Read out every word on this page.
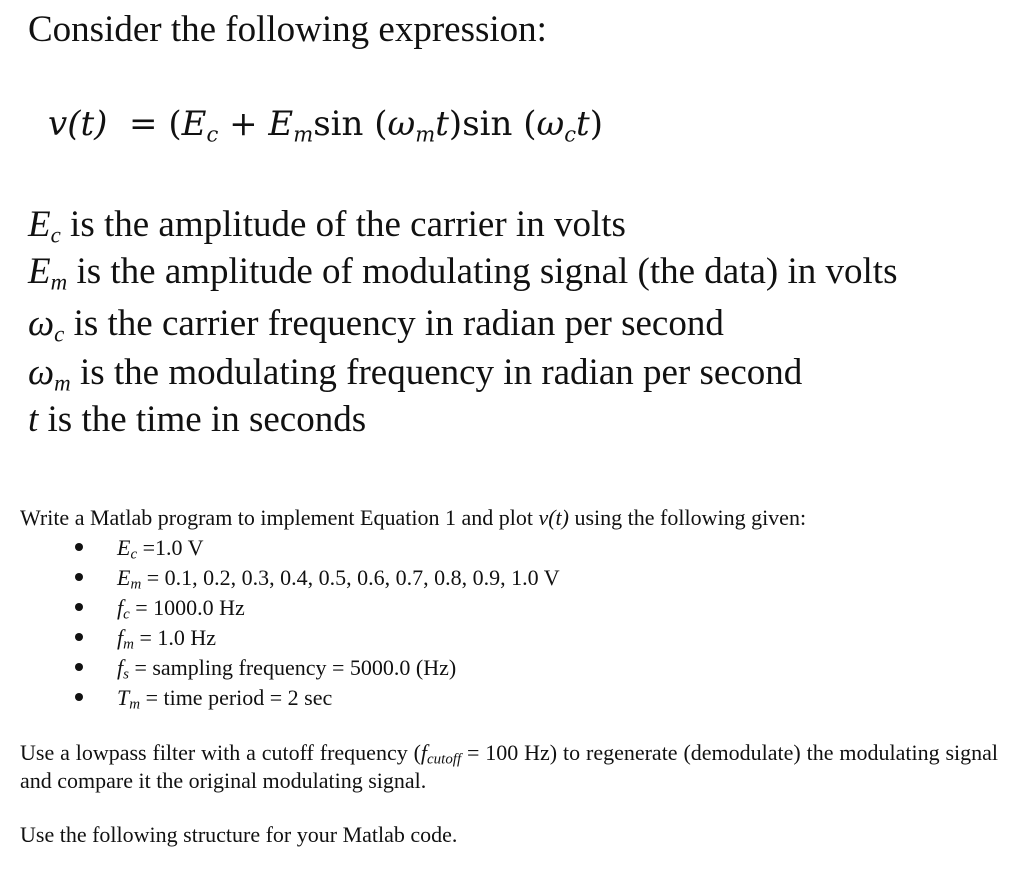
Consider the following expression:
$v(t) = (E_c + E_m\sin$ $(\omega_mt)\sin$ $(\omega_ct)$
$E_c$ is the amplitude of the carrier in volts
$E_m$ is the amplitude of modulating signal (the data) in volts
$\omega_c$ is the carrier frequency in radian per second
$\omega_m$ is the modulating frequency in radian per second
t is the time in seconds
Write a Matlab program to implement Equation 1 and plot v(t) using the following given:
$E_c =1.0$ V
$E_m = 0.1$, 0.2, 0.3, 0.4, 0.5, 0.6, 0.7, 0.8, 0.9, 1.0 V
$f_c = 1000.0$ Hz
$f_m = 1.0$ Hz
$f_s$ = sampling frequency = 5000.0 (Hz)
$T_m$ = time period = 2 sec
Use a lowpass filter with a cutoff frequency ($f_{cutoff} = 100$ Hz) to regenerate (demodulate) the modulating signal and compare it the original modulating signal.
Use the following structure for your Matlab code.
